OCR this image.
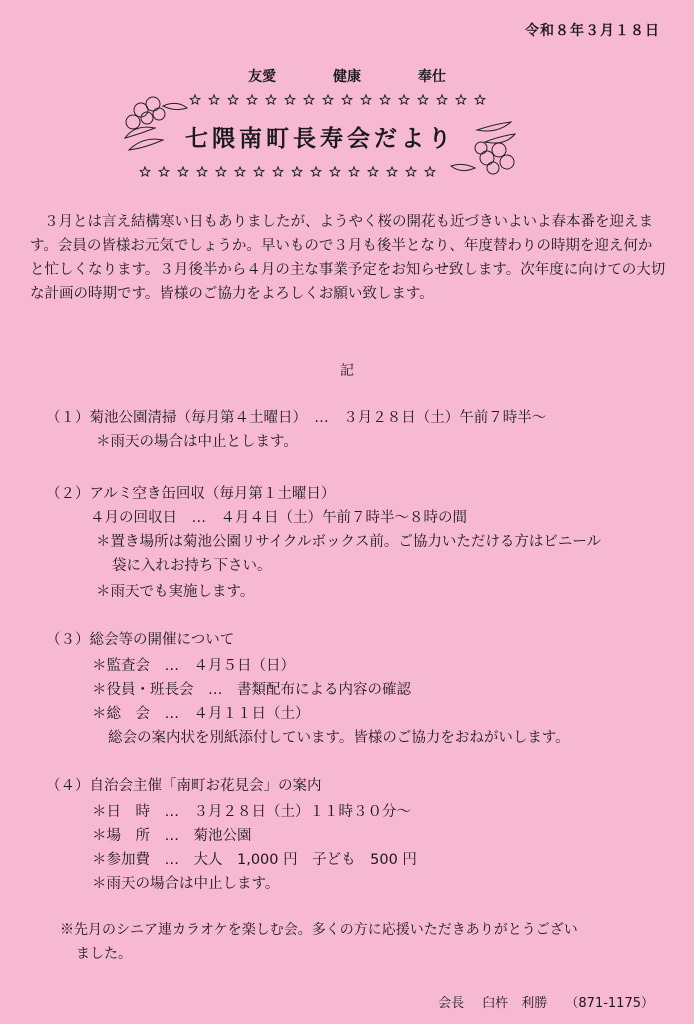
令和８年３月１８日
友愛	健康	奉仕
七隈南町長寿会だより
３月とは言え結構寒い日もありましたが、ようやく桜の開花も近づきいよいよ春本番を迎えます。会員の皆様お元気でしょうか。早いもので３月も後半となり、年度替わりの時期を迎え何かと忙しくなります。３月後半から４月の主な事業予定をお知らせ致します。次年度に向けての大切な計画の時期です。皆様のご協力をよろしくお願い致します。
記
（１）菊池公園清掃（毎月第４土曜日）　…　３月２８日（土）午前７時半～
＊雨天の場合は中止とします。
（２）アルミ空き缶回収（毎月第１土曜日）
４月の回収日　…　４月４日（土）午前７時半～８時の間
＊置き場所は菊池公園リサイクルボックス前。ご協力いただける方はビニール
袋に入れお持ち下さい。
＊雨天でも実施します。
（３）総会等の開催について
＊監査会　…　４月５日（日）
＊役員・班長会　…　書類配布による内容の確認
＊総　会　…　４月１１日（土）
総会の案内状を別紙添付しています。皆様のご協力をおねがいします。
（４）自治会主催「南町お花見会」の案内
＊日　時　…　３月２８日（土）１１時３０分～
＊場　所　…　菊池公園
＊参加費　…　大人　1,000 円　子ども　500 円
＊雨天の場合は中止します。
※先月のシニア連カラオケを楽しむ会。多くの方に応援いただきありがとうござい
ました。
会長 臼杵　利勝 （871-1175）
